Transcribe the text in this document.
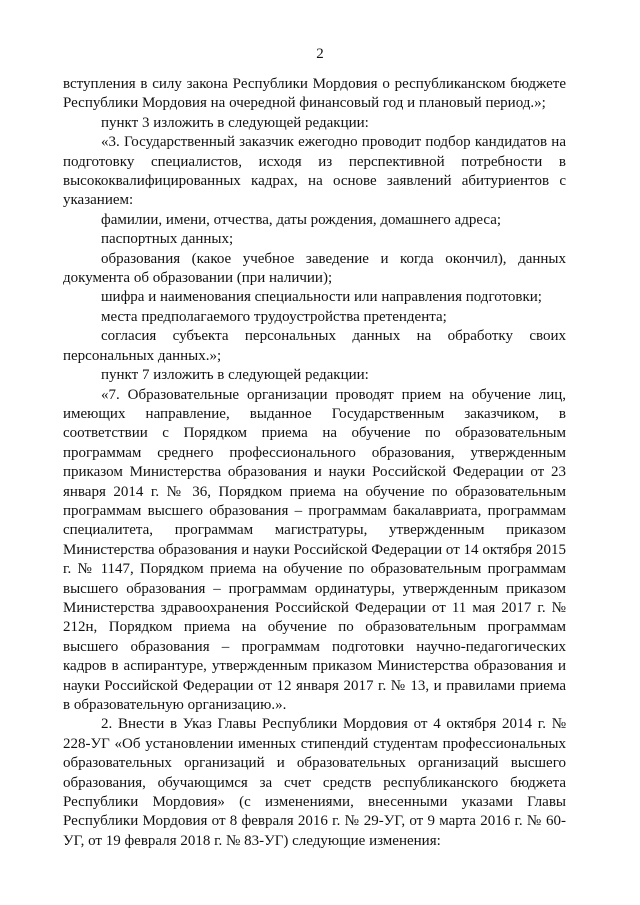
2

вступления в силу закона Республики Мордовия о республиканском бюджете Республики Мордовия на очередной финансовый год и плановый период.»;

пункт 3 изложить в следующей редакции:

«3. Государственный заказчик ежегодно проводит подбор кандидатов на подготовку специалистов, исходя из перспективной потребности в высококвалифицированных кадрах, на основе заявлений абитуриентов с указанием:

фамилии, имени, отчества, даты рождения, домашнего адреса;

паспортных данных;

образования (какое учебное заведение и когда окончил), данных документа об образовании (при наличии);

шифра и наименования специальности или направления подготовки;

места предполагаемого трудоустройства претендента;

согласия субъекта персональных данных на обработку своих персональных данных.»;

пункт 7 изложить в следующей редакции:

«7. Образовательные организации проводят прием на обучение лиц, имеющих направление, выданное Государственным заказчиком, в соответствии с Порядком приема на обучение по образовательным программам среднего профессионального образования, утвержденным приказом Министерства образования и науки Российской Федерации от 23 января 2014 г. № 36, Порядком приема на обучение по образовательным программам высшего образования – программам бакалавриата, программам специалитета, программам магистратуры, утвержденным приказом Министерства образования и науки Российской Федерации от 14 октября 2015 г. № 1147, Порядком приема на обучение по образовательным программам высшего образования – программам ординатуры, утвержденным приказом Министерства здравоохранения Российской Федерации от 11 мая 2017 г. № 212н, Порядком приема на обучение по образовательным программам высшего образования – программам подготовки научно-педагогических кадров в аспирантуре, утвержденным приказом Министерства образования и науки Российской Федерации от 12 января 2017 г. № 13, и правилами приема в образовательную организацию.».

2. Внести в Указ Главы Республики Мордовия от 4 октября 2014 г. № 228-УГ «Об установлении именных стипендий студентам профессиональных образовательных организаций и образовательных организаций высшего образования, обучающимся за счет средств республиканского бюджета Республики Мордовия» (с изменениями, внесенными указами Главы Республики Мордовия от 8 февраля 2016 г. № 29-УГ, от 9 марта 2016 г. № 60-УГ, от 19 февраля 2018 г. № 83-УГ) следующие изменения:
